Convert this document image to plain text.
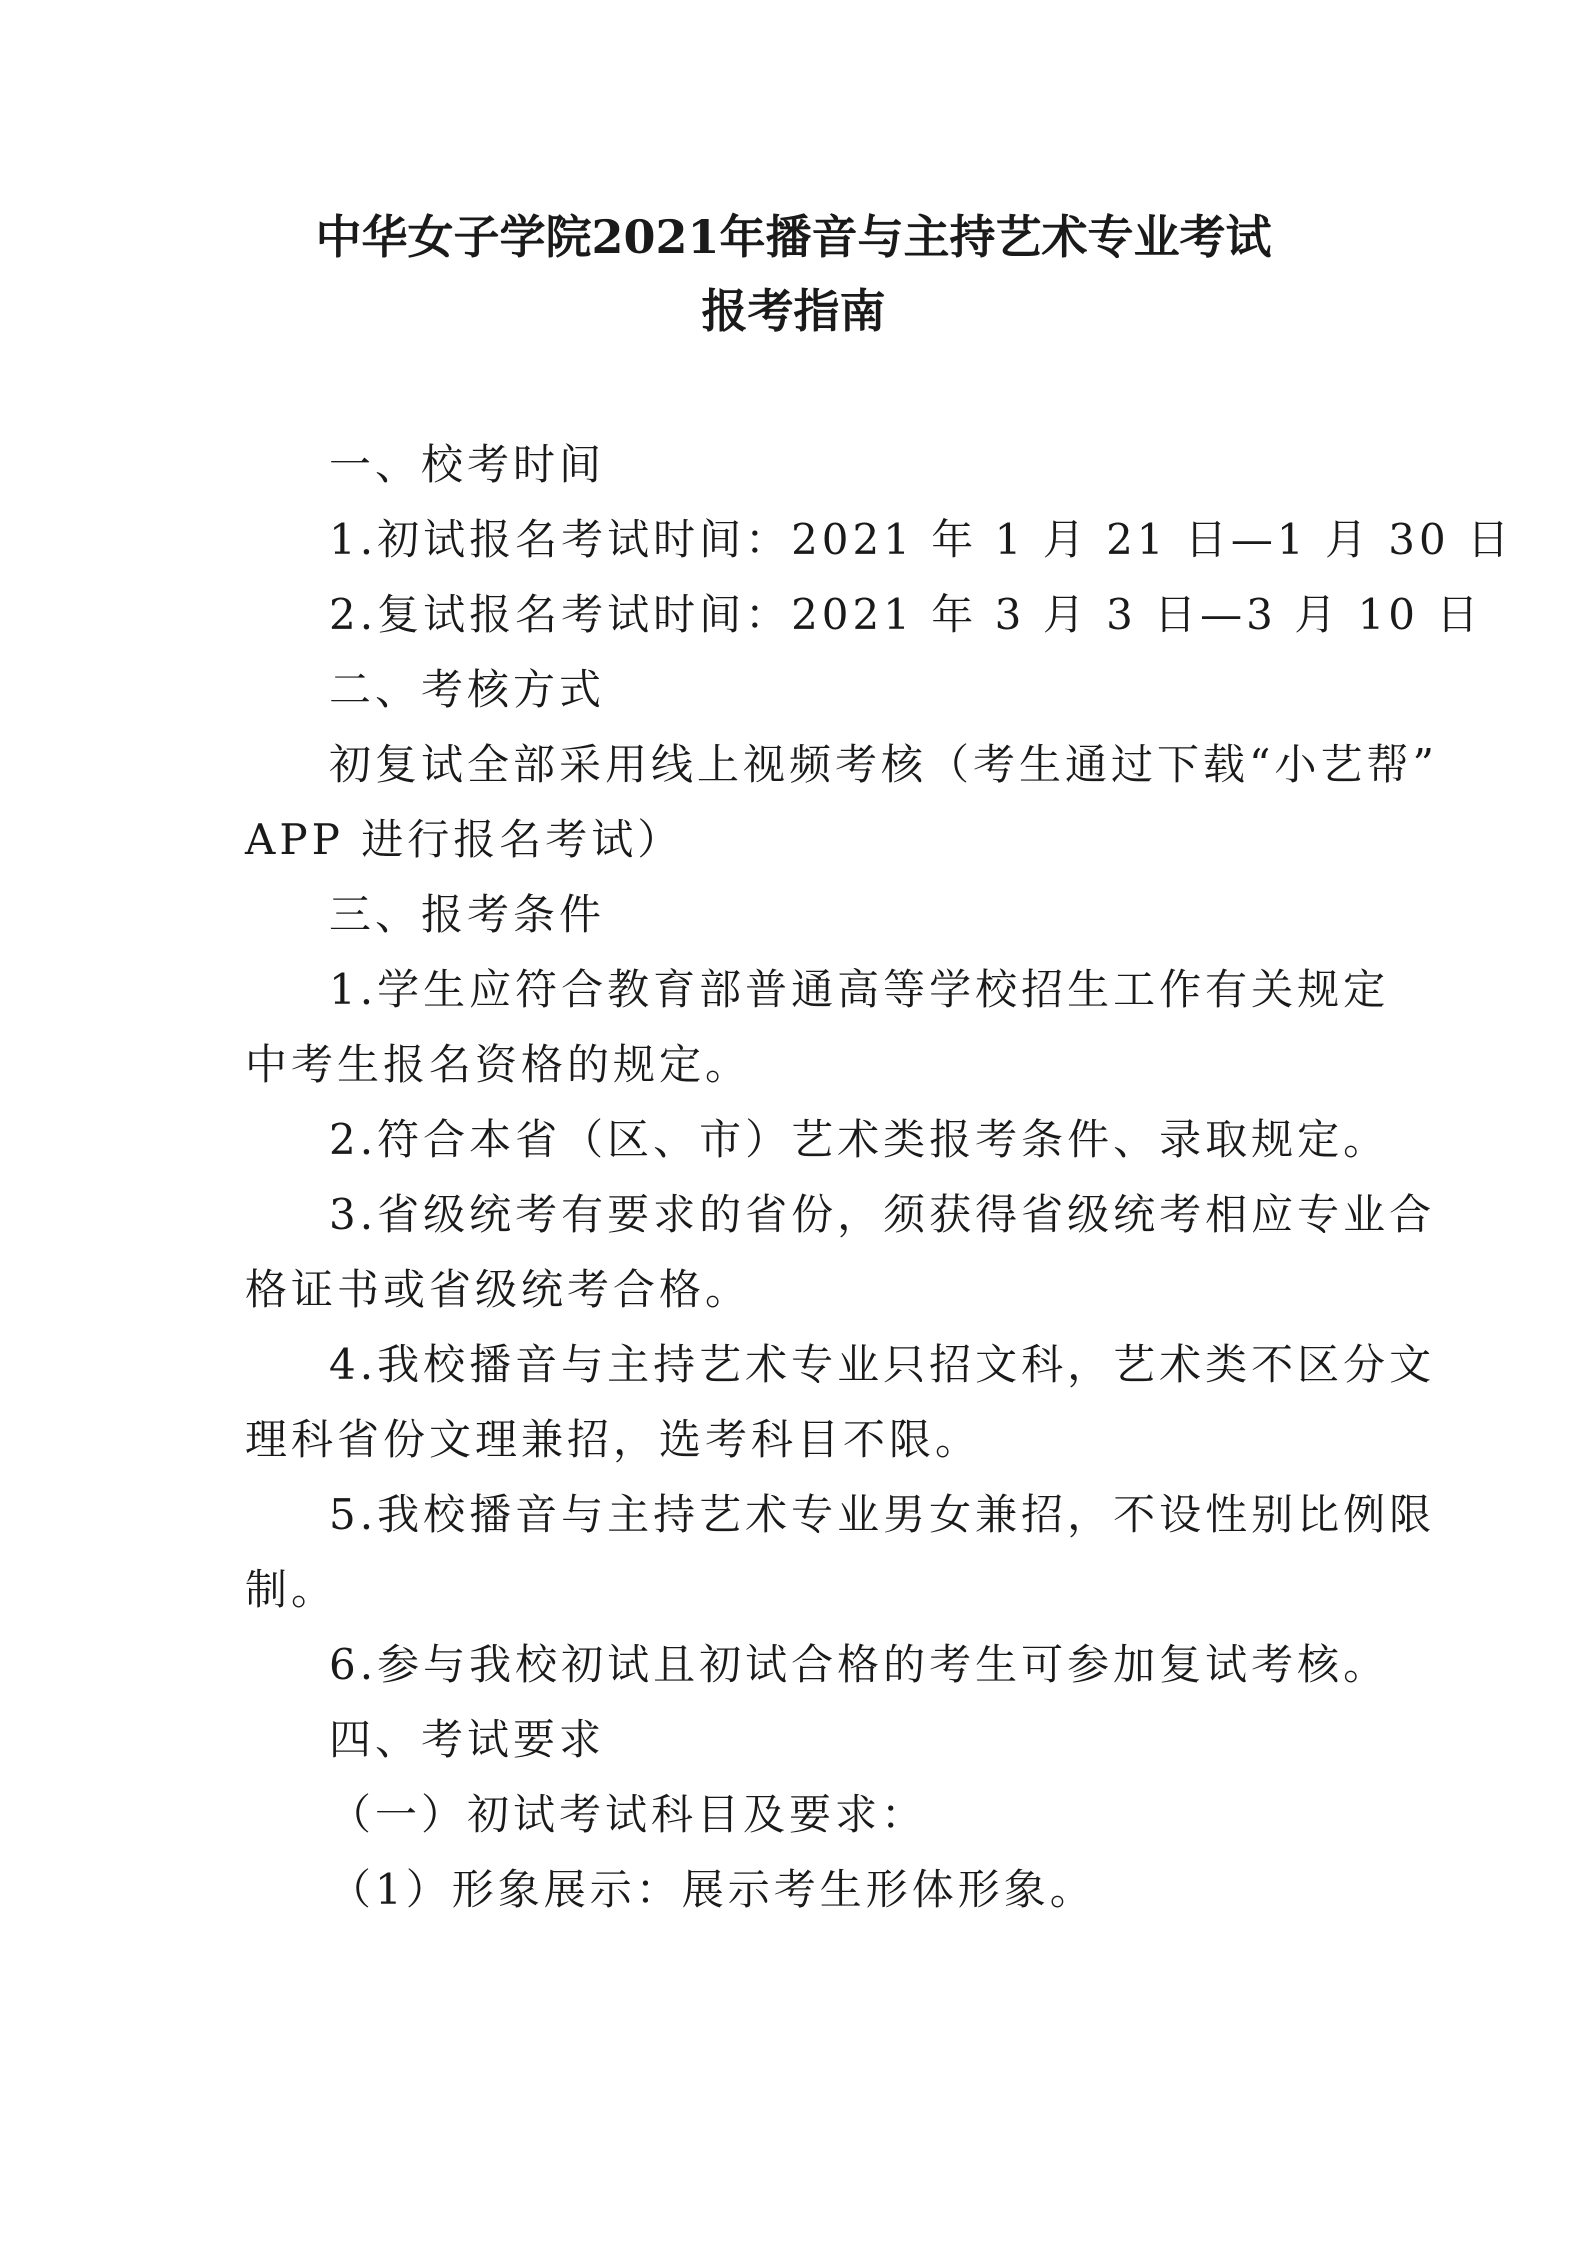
中华女子学院2021年播音与主持艺术专业考试
报考指南
一、校考时间
1.初试报名考试时间：2021 年 1 月 21 日—1 月 30 日
2.复试报名考试时间：2021 年 3 月 3 日—3 月 10 日
二、考核方式
初复试全部采用线上视频考核（考生通过下载“小艺帮”
APP 进行报名考试）
三、报考条件
1.学生应符合教育部普通高等学校招生工作有关规定
中考生报名资格的规定。
2.符合本省（区、市）艺术类报考条件、录取规定。
3.省级统考有要求的省份，须获得省级统考相应专业合
格证书或省级统考合格。
4.我校播音与主持艺术专业只招文科，艺术类不区分文
理科省份文理兼招，选考科目不限。
5.我校播音与主持艺术专业男女兼招，不设性别比例限
制。
6.参与我校初试且初试合格的考生可参加复试考核。
四、考试要求
（一）初试考试科目及要求：
（1）形象展示：展示考生形体形象。
